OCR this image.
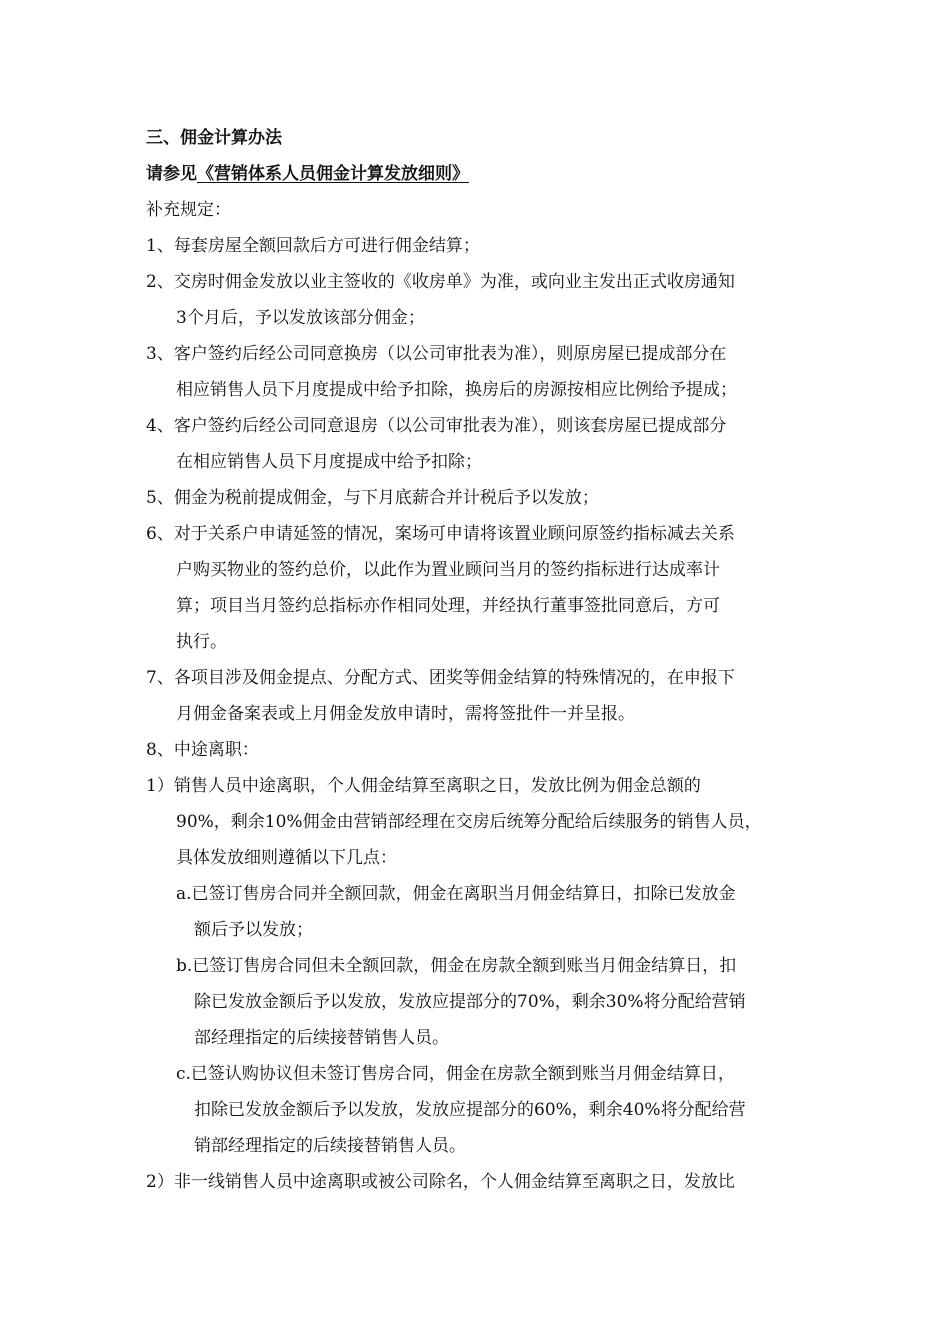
三、佣金计算办法
请参见《营销体系人员佣金计算发放细则》
补充规定：
1、每套房屋全额回款后方可进行佣金结算；
2、交房时佣金发放以业主签收的《收房单》为准，或向业主发出正式收房通知
3个月后，予以发放该部分佣金；
3、客户签约后经公司同意换房（以公司审批表为准），则原房屋已提成部分在
相应销售人员下月度提成中给予扣除，换房后的房源按相应比例给予提成；
4、客户签约后经公司同意退房（以公司审批表为准），则该套房屋已提成部分
在相应销售人员下月度提成中给予扣除；
5、佣金为税前提成佣金，与下月底薪合并计税后予以发放；
6、对于关系户申请延签的情况，案场可申请将该置业顾问原签约指标减去关系
户购买物业的签约总价，以此作为置业顾问当月的签约指标进行达成率计
算；项目当月签约总指标亦作相同处理，并经执行董事签批同意后，方可
执行。
7、各项目涉及佣金提点、分配方式、团奖等佣金结算的特殊情况的，在申报下
月佣金备案表或上月佣金发放申请时，需将签批件一并呈报。
8、中途离职：
1）销售人员中途离职，个人佣金结算至离职之日，发放比例为佣金总额的
90%，剩余10%佣金由营销部经理在交房后统筹分配给后续服务的销售人员，
具体发放细则遵循以下几点：
a.已签订售房合同并全额回款，佣金在离职当月佣金结算日，扣除已发放金
额后予以发放；
b.已签订售房合同但未全额回款，佣金在房款全额到账当月佣金结算日，扣
除已发放金额后予以发放，发放应提部分的70%，剩余30%将分配给营销
部经理指定的后续接替销售人员。
c.已签认购协议但未签订售房合同，佣金在房款全额到账当月佣金结算日，
扣除已发放金额后予以发放，发放应提部分的60%，剩余40%将分配给营
销部经理指定的后续接替销售人员。
2）非一线销售人员中途离职或被公司除名，个人佣金结算至离职之日，发放比
